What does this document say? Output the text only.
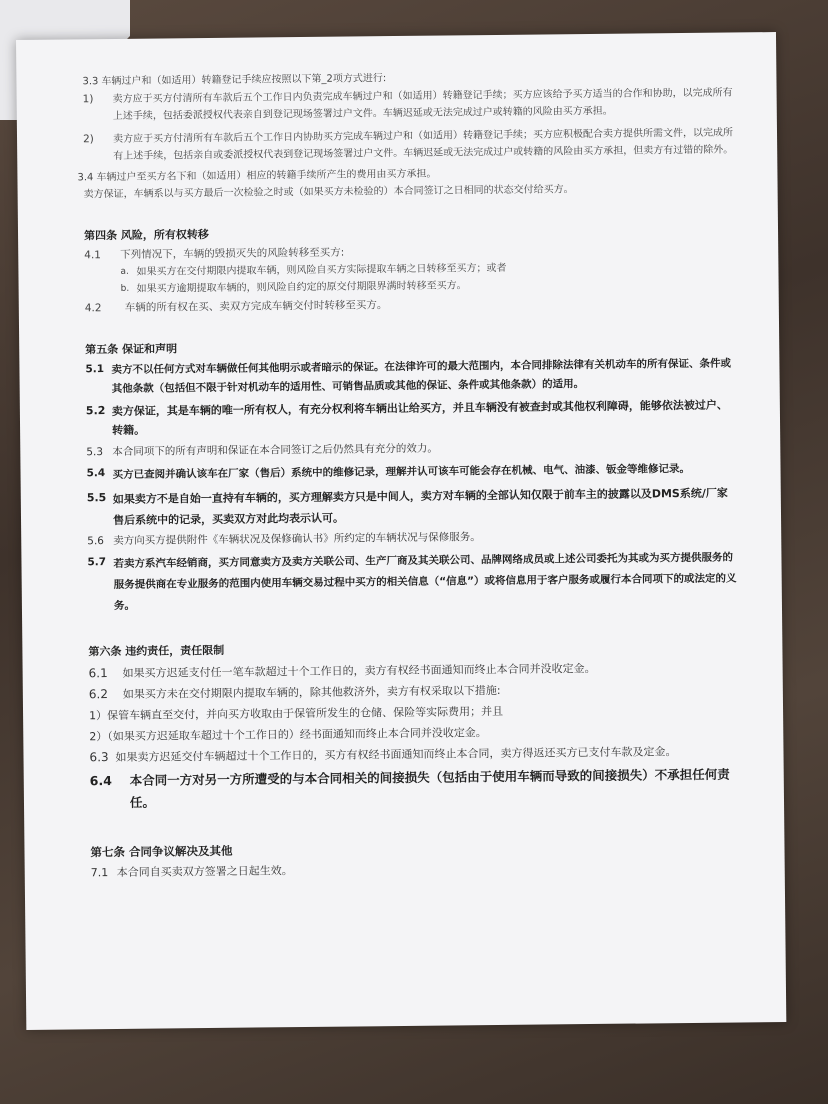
3.3 车辆过户和（如适用）转籍登记手续应按照以下第_2项方式进行:

1)	卖方应于买方付清所有车款后五个工作日内负责完成车辆过户和（如适用）转籍登记手续；买方应该给予买方适当的合作和协助，以完成所有上述手续，包括委派授权代表亲自到登记现场签署过户文件。车辆迟延或无法完成过户或转籍的风险由买方承担。
2)	卖方应于买方付清所有车款后五个工作日内协助买方完成车辆过户和（如适用）转籍登记手续；买方应积极配合卖方提供所需文件，以完成所有上述手续，包括亲自或委派授权代表到登记现场签署过户文件。车辆迟延或无法完成过户或转籍的风险由买方承担，但卖方有过错的除外。

3.4 车辆过户至买方名下和（如适用）相应的转籍手续所产生的费用由买方承担。

卖方保证，车辆系以与买方最后一次检验之时或（如果买方未检验的）本合同签订之日相同的状态交付给买方。

第四条 风险，所有权转移

4.1	下列情况下，车辆的毁损灭失的风险转移至买方:
a. 如果买方在交付期限内提取车辆，则风险自买方实际提取车辆之日转移至买方；或者
b. 如果买方逾期提取车辆的，则风险自约定的原交付期限界满时转移至买方。
4.2	车辆的所有权在买、卖双方完成车辆交付时转移至买方。

第五条 保证和声明

5.1 卖方不以任何方式对车辆做任何其他明示或者暗示的保证。在法律许可的最大范围内，本合同排除法律有关机动车的所有保证、条件或其他条款（包括但不限于针对机动车的适用性、可销售品质或其他的保证、条件或其他条款）的适用。
5.2 卖方保证，其是车辆的唯一所有权人，有充分权利将车辆出让给买方，并且车辆没有被查封或其他权利障碍，能够依法被过户、转籍。
5.3 本合同项下的所有声明和保证在本合同签订之后仍然具有充分的效力。
5.4 买方已查阅并确认该车在厂家（售后）系统中的维修记录，理解并认可该车可能会存在机械、电气、油漆、钣金等维修记录。
5.5 如果卖方不是自始一直持有车辆的，买方理解卖方只是中间人，卖方对车辆的全部认知仅限于前车主的披露以及DMS系统/厂家售后系统中的记录，买卖双方对此均表示认可。
5.6 卖方向买方提供附件《车辆状况及保修确认书》所约定的车辆状况与保修服务。
5.7 若卖方系汽车经销商，买方同意卖方及卖方关联公司、生产厂商及其关联公司、品牌网络成员或上述公司委托为其或为买方提供服务的服务提供商在专业服务的范围内使用车辆交易过程中买方的相关信息（“信息”）或将信息用于客户服务或履行本合同项下的或法定的义务。

第六条 违约责任，责任限制

6.1	如果买方迟延支付任一笔车款超过十个工作日的，卖方有权经书面通知而终止本合同并没收定金。
6.2	如果买方未在交付期限内提取车辆的，除其他救济外，卖方有权采取以下措施:

1）保管车辆直至交付，并向买方收取由于保管所发生的仓储、保险等实际费用；并且

2）（如果买方迟延取车超过十个工作日的）经书面通知而终止本合同并没收定金。

6.3 如果卖方迟延交付车辆超过十个工作日的，买方有权经书面通知而终止本合同，卖方得返还买方已支付车款及定金。
6.4	本合同一方对另一方所遭受的与本合同相关的间接损失（包括由于使用车辆而导致的间接损失）不承担任何责任。

第七条 合同争议解决及其他

7.1 本合同自买卖双方签署之日起生效。
